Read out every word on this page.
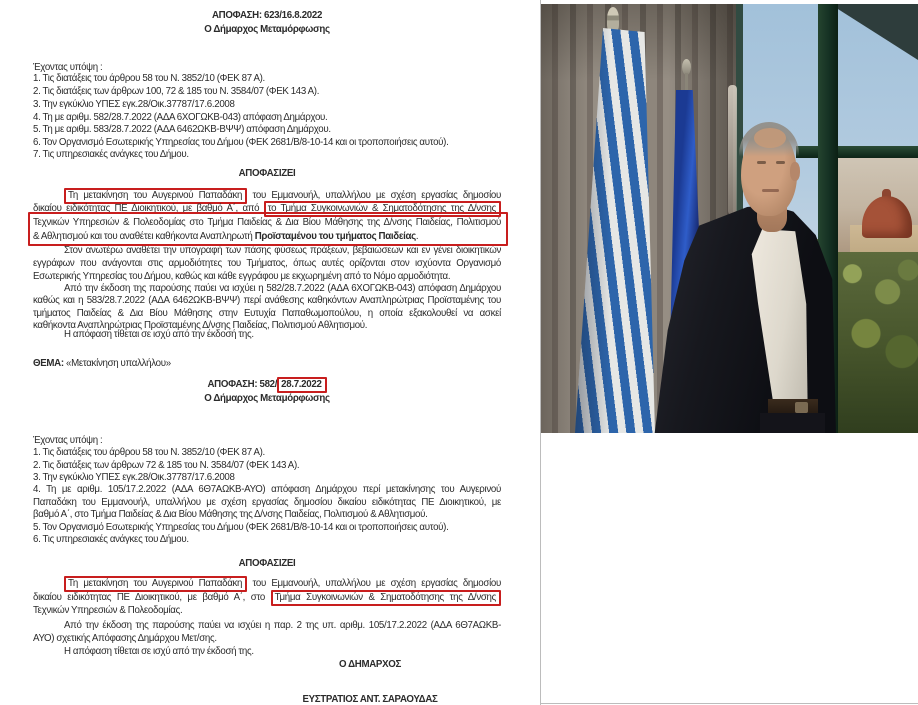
ΑΠΟΦΑΣΗ: 623/16.8.2022
Ο Δήμαρχος Μεταμόρφωσης
Έχοντας υπόψη :
1. Τις διατάξεις του άρθρου 58 του Ν. 3852/10 (ΦΕΚ 87 Α).
2. Τις διατάξεις των άρθρων 100, 72 & 185 του Ν. 3584/07 (ΦΕΚ 143 Α).
3. Την εγκύκλιο ΥΠΕΣ εγκ.28/Οικ.37787/17.6.2008
4. Τη με αριθμ. 582/28.7.2022 (ΑΔΑ 6ΧΟΓΩΚΒ-043) απόφαση Δημάρχου.
5. Τη με αριθμ. 583/28.7.2022 (ΑΔΑ 6462ΩΚΒ-ΒΨΨ) απόφαση Δημάρχου.
6. Τον Οργανισμό Εσωτερικής Υπηρεσίας του Δήμου (ΦΕΚ 2681/Β/8-10-14 και οι τροποποιήσεις αυτού).
7. Τις υπηρεσιακές ανάγκες του Δήμου.
ΑΠΟΦΑΣΙΖΕΙ
Τη μετακίνηση του Αυγερινού Παπαδάκη του Εμμανουήλ, υπαλλήλου με σχέση εργασίας δημοσίου
δικαίου ειδικότητας ΠΕ Διοικητικού, με βαθμό Α΄, από το Τμήμα Συγκοινωνιών & Σηματοδότησης της Δ/νσης
Τεχνικών Υπηρεσιών & Πολεοδομίας στο Τμήμα Παιδείας & Δια Βίου Μάθησης της Δ/νσης Παιδείας, Πολιτισμού
& Αθλητισμού και του αναθέτει καθήκοντα Αναπληρωτή Προϊσταμένου του τμήματος Παιδείας.
Στον ανωτέρω αναθέτει την υπογραφή των πάσης φύσεως πράξεων, βεβαιώσεων και εν γένει διοικητικών
εγγράφων που ανάγονται στις αρμοδιότητες του Τμήματος, όπως αυτές ορίζονται στον ισχύοντα Οργανισμό
Εσωτερικής Υπηρεσίας του Δήμου, καθώς και κάθε εγγράφου με εκχωρημένη από το Νόμο αρμοδιότητα.
Από την έκδοση της παρούσης παύει να ισχύει η 582/28.7.2022 (ΑΔΑ 6ΧΟΓΩΚΒ-043) απόφαση Δημάρχου
καθώς και η 583/28.7.2022 (ΑΔΑ 6462ΩΚΒ-ΒΨΨ) περί ανάθεσης καθηκόντων Αναπληρώτριας Προϊσταμένης του
τμήματος Παιδείας & Δια Βίου Μάθησης στην Ευτυχία Παπαθωμοπούλου, η οποία εξακολουθεί να ασκεί
καθήκοντα Αναπληρώτριας Προϊσταμένης Δ/νσης Παιδείας, Πολιτισμού Αθλητισμού.
Η απόφαση τίθεται σε ισχύ από την έκδοσή της.
ΘΕΜΑ: «Μετακίνηση υπαλλήλου»
ΑΠΟΦΑΣΗ: 582/ 28.7.2022
Ο Δήμαρχος Μεταμόρφωσης
Έχοντας υπόψη :
1. Τις διατάξεις του άρθρου 58 του Ν. 3852/10 (ΦΕΚ 87 Α).
2. Τις διατάξεις των άρθρων 72 & 185 του Ν. 3584/07 (ΦΕΚ 143 Α).
3. Την εγκύκλιο ΥΠΕΣ εγκ.28/Οικ.37787/17.6.2008
4. Τη με αριθμ. 105/17.2.2022 (ΑΔΑ 6Θ7ΑΩΚΒ-ΑΥΟ) απόφαση Δημάρχου περί μετακίνησης του Αυγερινού
Παπαδάκη του Εμμανουήλ, υπαλλήλου με σχέση εργασίας δημοσίου δικαίου ειδικότητας ΠΕ Διοικητικού, με
βαθμό Α΄, στο Τμήμα Παιδείας & Δια Βίου Μάθησης της Δ/νσης Παιδείας, Πολιτισμού & Αθλητισμού.
5. Τον Οργανισμό Εσωτερικής Υπηρεσίας του Δήμου (ΦΕΚ 2681/Β/8-10-14 και οι τροποποιήσεις αυτού).
6. Τις υπηρεσιακές ανάγκες του Δήμου.
ΑΠΟΦΑΣΙΖΕΙ
Τη μετακίνηση του Αυγερινού Παπαδάκη του Εμμανουήλ, υπαλλήλου με σχέση εργασίας δημοσίου
δικαίου ειδικότητας ΠΕ Διοικητικού, με βαθμό Α΄, στο Τμήμα Συγκοινωνιών & Σηματοδότησης της Δ/νσης
Τεχνικών Υπηρεσιών & Πολεοδομίας.
Από την έκδοση της παρούσης παύει να ισχύει η παρ. 2 της υπ. αριθμ. 105/17.2.2022 (ΑΔΑ 6Θ7ΑΩΚΒ-
ΑΥΟ) σχετικής Απόφασης Δημάρχου Μετ/σης.
Η απόφαση τίθεται σε ισχύ από την έκδοσή της.
Ο ΔΗΜΑΡΧΟΣ
ΕΥΣΤΡΑΤΙΟΣ ΑΝΤ. ΣΑΡΑΟΥΔΑΣ
